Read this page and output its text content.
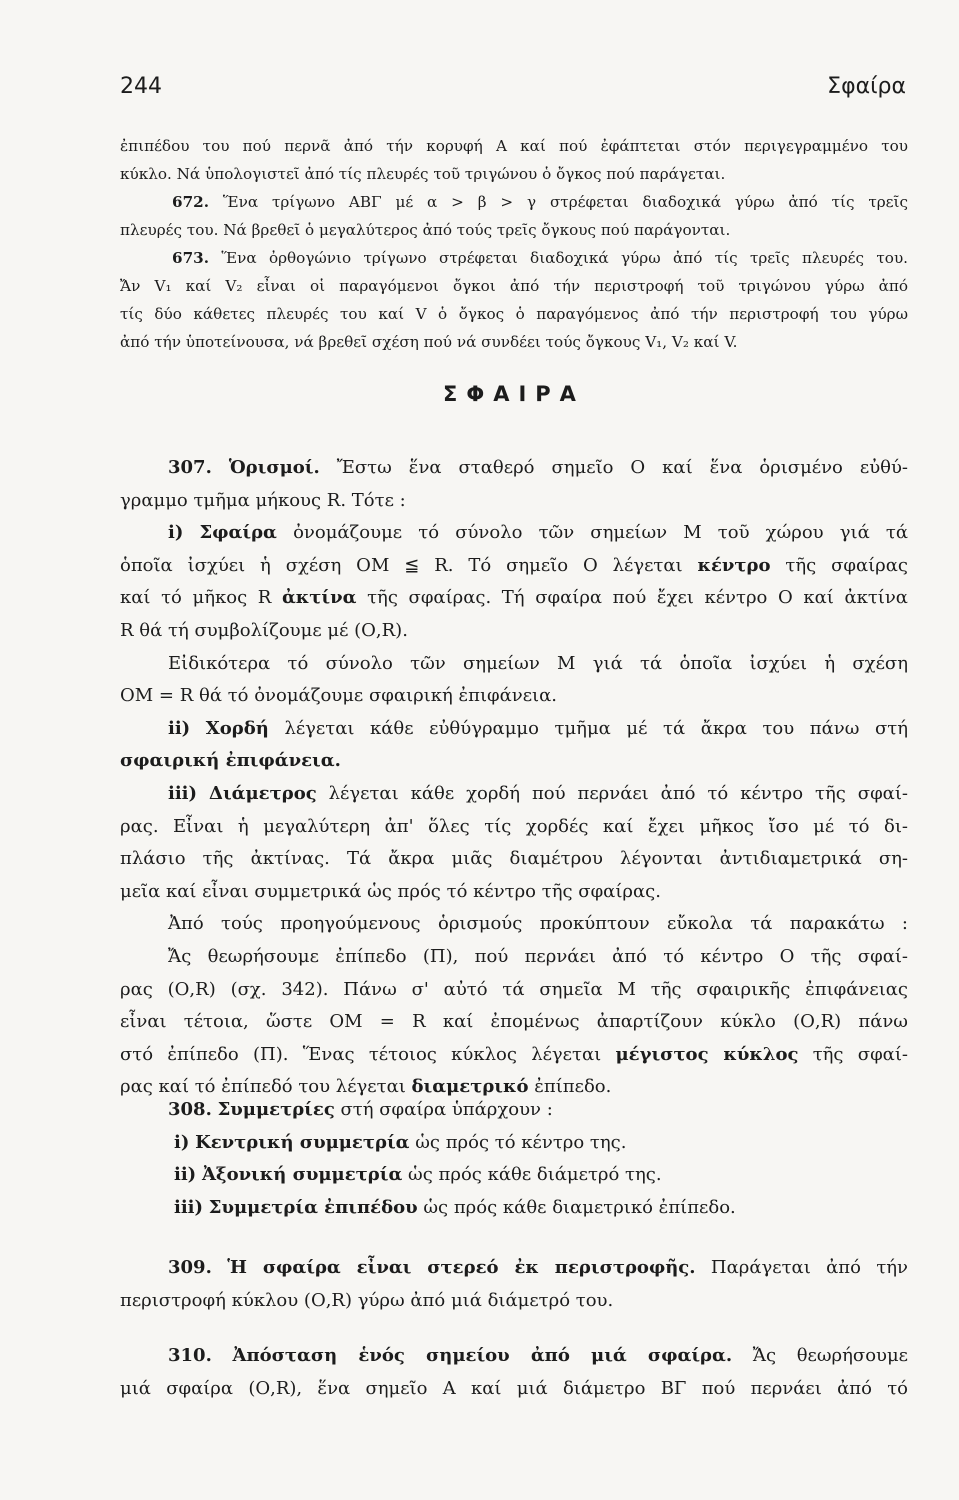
244	Σφαίρα

ἐπιπέδου του πού περνᾶ ἀπό τήν κορυφή Α καί πού ἐφάπτεται στόν περιγεγραμμένο του

κύκλο. Νά ὑπολογιστεῖ ἀπό τίς πλευρές τοῦ τριγώνου ὁ ὄγκος πού παράγεται.

672. Ἕνα τρίγωνο ΑΒΓ μέ α > β > γ στρέφεται διαδοχικά γύρω ἀπό τίς τρεῖς

πλευρές του. Νά βρεθεῖ ὁ μεγαλύτερος ἀπό τούς τρεῖς ὄγκους πού παράγονται.

673. Ἕνα ὀρθογώνιο τρίγωνο στρέφεται διαδοχικά γύρω ἀπό τίς τρεῖς πλευρές του.

Ἄν V₁ καί V₂ εἶναι οἱ παραγόμενοι ὄγκοι ἀπό τήν περιστροφή τοῦ τριγώνου γύρω ἀπό

τίς δύο κάθετες πλευρές του καί V ὁ ὄγκος ὁ παραγόμενος ἀπό τήν περιστροφή του γύρω

ἀπό τήν ὑποτείνουσα, νά βρεθεῖ σχέση πού νά συνδέει τούς ὄγκους V₁, V₂ καί V.

ΣΦΑΙΡΑ

307. Ὁρισμοί. Ἔστω ἕνα σταθερό σημεῖο Ο καί ἕνα ὁρισμένο εὐθύ-

γραμμο τμῆμα μήκους R. Τότε :

i) Σφαίρα ὀνομάζουμε τό σύνολο τῶν σημείων Μ τοῦ χώρου γιά τά

ὁποῖα ἰσχύει ἡ σχέση ΟΜ ≦ R. Τό σημεῖο Ο λέγεται κέντρο τῆς σφαίρας

καί τό μῆκος R ἀκτίνα τῆς σφαίρας. Τή σφαίρα πού ἔχει κέντρο Ο καί ἀκτίνα

R θά τή συμβολίζουμε μέ (Ο,R).

Εἰδικότερα τό σύνολο τῶν σημείων Μ γιά τά ὁποῖα ἰσχύει ἡ σχέση

ΟΜ = R θά τό ὀνομάζουμε σφαιρική ἐπιφάνεια.

ii) Χορδή λέγεται κάθε εὐθύγραμμο τμῆμα μέ τά ἄκρα του πάνω στή

σφαιρική ἐπιφάνεια.

iii) Διάμετρος λέγεται κάθε χορδή πού περνάει ἀπό τό κέντρο τῆς σφαί-

ρας. Εἶναι ἡ μεγαλύτερη ἀπ' ὅλες τίς χορδές καί ἔχει μῆκος ἴσο μέ τό δι-

πλάσιο τῆς ἀκτίνας. Τά ἄκρα μιᾶς διαμέτρου λέγονται ἀντιδιαμετρικά ση-

μεῖα καί εἶναι συμμετρικά ὡς πρός τό κέντρο τῆς σφαίρας.

Ἀπό τούς προηγούμενους ὁρισμούς προκύπτουν εὔκολα τά παρακάτω :

Ἄς θεωρήσουμε ἐπίπεδο (Π), πού περνάει ἀπό τό κέντρο Ο τῆς σφαί-

ρας (Ο,R) (σχ. 342). Πάνω σ' αὐτό τά σημεῖα Μ τῆς σφαιρικῆς ἐπιφάνειας

εἶναι τέτοια, ὥστε ΟΜ = R καί ἐπομένως ἀπαρτίζουν κύκλο (Ο,R) πάνω

στό ἐπίπεδο (Π). Ἕνας τέτοιος κύκλος λέγεται μέγιστος κύκλος τῆς σφαί-

ρας καί τό ἐπίπεδό του λέγεται διαμετρικό ἐπίπεδο.

308. Συμμετρίες στή σφαίρα ὑπάρχουν :

i) Κεντρική συμμετρία ὡς πρός τό κέντρο της.

ii) Ἀξονική συμμετρία ὡς πρός κάθε διάμετρό της.

iii) Συμμετρία ἐπιπέδου ὡς πρός κάθε διαμετρικό ἐπίπεδο.

309. Ἡ σφαίρα εἶναι στερεό ἐκ περιστροφῆς. Παράγεται ἀπό τήν

περιστροφή κύκλου (Ο,R) γύρω ἀπό μιά διάμετρό του.

310. Ἀπόσταση ἑνός σημείου ἀπό μιά σφαίρα. Ἄς θεωρήσουμε

μιά σφαίρα (Ο,R), ἕνα σημεῖο Α καί μιά διάμετρο ΒΓ πού περνάει ἀπό τό
